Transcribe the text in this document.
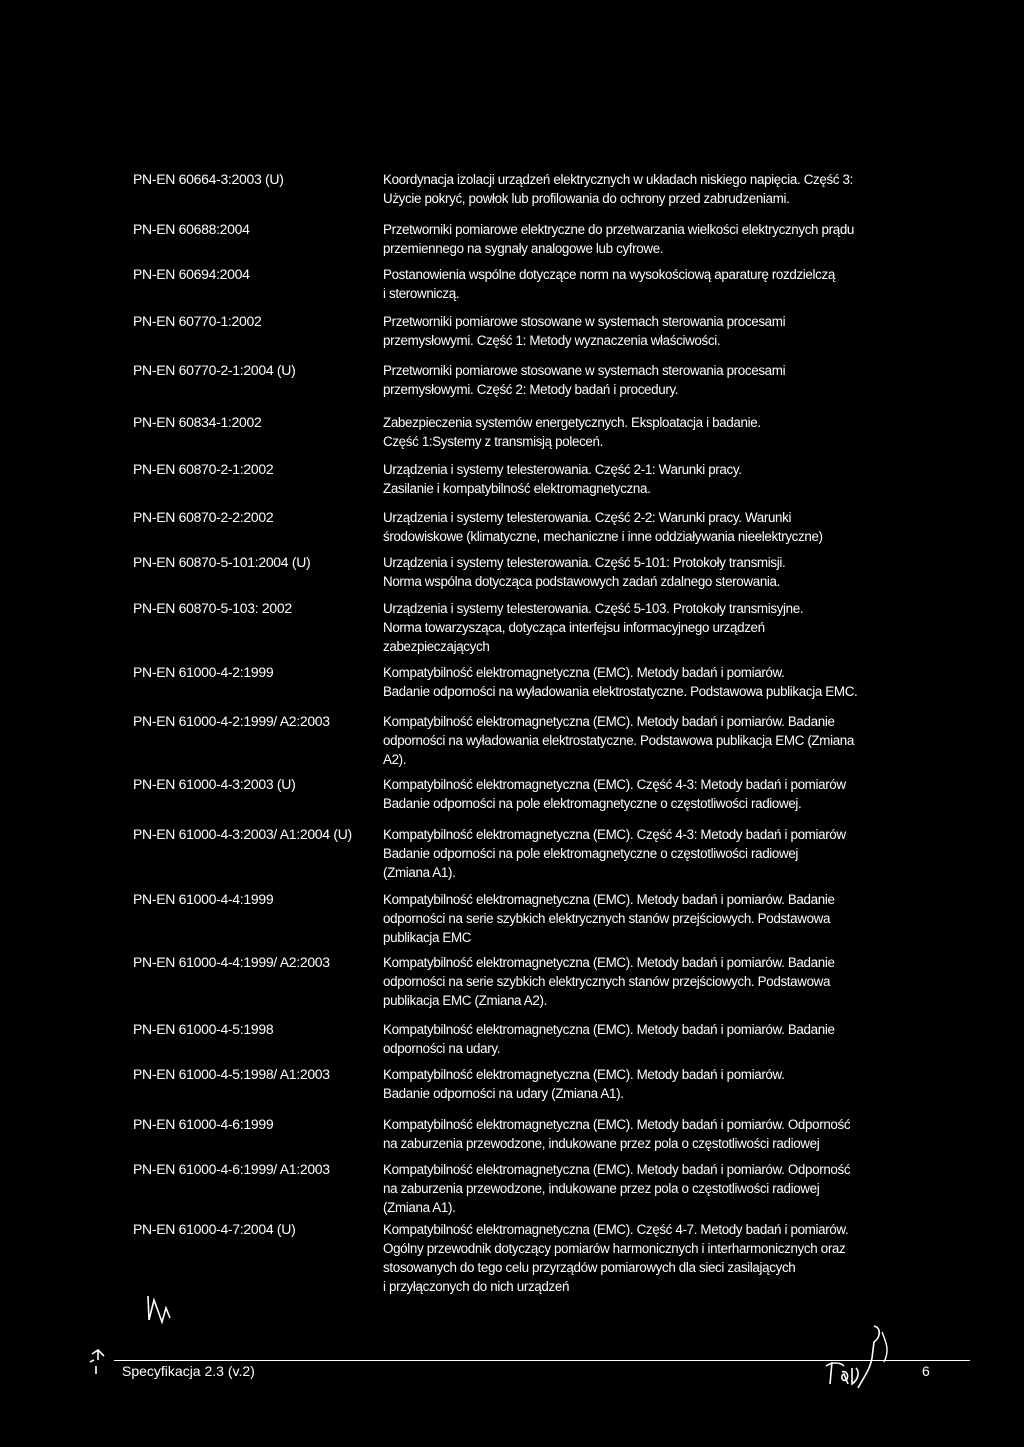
PN-EN 60664-3:2003 (U)	Koordynacja izolacji urządzeń elektrycznych w układach niskiego napięcia. Część 3:
Użycie pokryć, powłok lub profilowania do ochrony przed zabrudzeniami.
PN-EN 60688:2004	Przetworniki pomiarowe elektryczne do przetwarzania wielkości elektrycznych prądu
przemiennego na sygnały analogowe lub cyfrowe.
PN-EN 60694:2004	Postanowienia wspólne dotyczące norm na wysokościową aparaturę rozdzielczą
i sterowniczą.
PN-EN 60770-1:2002	Przetworniki pomiarowe stosowane w systemach sterowania procesami
przemysłowymi. Część 1: Metody wyznaczenia właściwości.
PN-EN 60770-2-1:2004 (U)	Przetworniki pomiarowe stosowane w systemach sterowania procesami
przemysłowymi. Część 2: Metody badań i procedury.
PN-EN 60834-1:2002	Zabezpieczenia systemów energetycznych. Eksploatacja i badanie.
Część 1:Systemy z transmisją poleceń.
PN-EN 60870-2-1:2002	Urządzenia i systemy telesterowania. Część 2-1: Warunki pracy.
Zasilanie i kompatybilność elektromagnetyczna.
PN-EN 60870-2-2:2002	Urządzenia i systemy telesterowania. Część 2-2: Warunki pracy. Warunki
środowiskowe (klimatyczne, mechaniczne i inne oddziaływania nieelektryczne)
PN-EN 60870-5-101:2004 (U)	Urządzenia i systemy telesterowania. Część 5-101: Protokoły transmisji.
Norma wspólna dotycząca podstawowych zadań zdalnego sterowania.
PN-EN 60870-5-103: 2002	Urządzenia i systemy telesterowania. Część 5-103. Protokoły transmisyjne.
Norma towarzysząca, dotycząca interfejsu informacyjnego urządzeń
zabezpieczających
PN-EN 61000-4-2:1999	Kompatybilność elektromagnetyczna (EMC). Metody badań i pomiarów.
Badanie odporności na wyładowania elektrostatyczne. Podstawowa publikacja EMC.
PN-EN 61000-4-2:1999/ A2:2003	Kompatybilność elektromagnetyczna (EMC). Metody badań i pomiarów. Badanie
odporności na wyładowania elektrostatyczne. Podstawowa publikacja EMC (Zmiana
A2).
PN-EN 61000-4-3:2003 (U)	Kompatybilność elektromagnetyczna (EMC). Część 4-3: Metody badań i pomiarów
Badanie odporności na pole elektromagnetyczne o częstotliwości radiowej.
PN-EN 61000-4-3:2003/ A1:2004 (U)	Kompatybilność elektromagnetyczna (EMC). Część 4-3: Metody badań i pomiarów
Badanie odporności na pole elektromagnetyczne o częstotliwości radiowej
(Zmiana A1).
PN-EN 61000-4-4:1999	Kompatybilność elektromagnetyczna (EMC). Metody badań i pomiarów. Badanie
odporności na serie szybkich elektrycznych stanów przejściowych. Podstawowa
publikacja EMC
PN-EN 61000-4-4:1999/ A2:2003	Kompatybilność elektromagnetyczna (EMC). Metody badań i pomiarów. Badanie
odporności na serie szybkich elektrycznych stanów przejściowych. Podstawowa
publikacja EMC (Zmiana A2).
PN-EN 61000-4-5:1998	Kompatybilność elektromagnetyczna (EMC). Metody badań i pomiarów. Badanie
odporności na udary.
PN-EN 61000-4-5:1998/ A1:2003	Kompatybilność elektromagnetyczna (EMC). Metody badań i pomiarów.
Badanie odporności na udary (Zmiana A1).
PN-EN 61000-4-6:1999	Kompatybilność elektromagnetyczna (EMC). Metody badań i pomiarów. Odporność
na zaburzenia przewodzone, indukowane przez pola o częstotliwości radiowej
PN-EN 61000-4-6:1999/ A1:2003	Kompatybilność elektromagnetyczna (EMC). Metody badań i pomiarów. Odporność
na zaburzenia przewodzone, indukowane przez pola o częstotliwości radiowej
(Zmiana A1).
PN-EN 61000-4-7:2004 (U)	Kompatybilność elektromagnetyczna (EMC). Część 4-7. Metody badań i pomiarów.
Ogólny przewodnik dotyczący pomiarów harmonicznych i interharmonicznych oraz
stosowanych do tego celu przyrządów pomiarowych dla sieci zasilających
i przyłączonych do nich urządzeń
Specyfikacja 2.3 (v.2)	6
